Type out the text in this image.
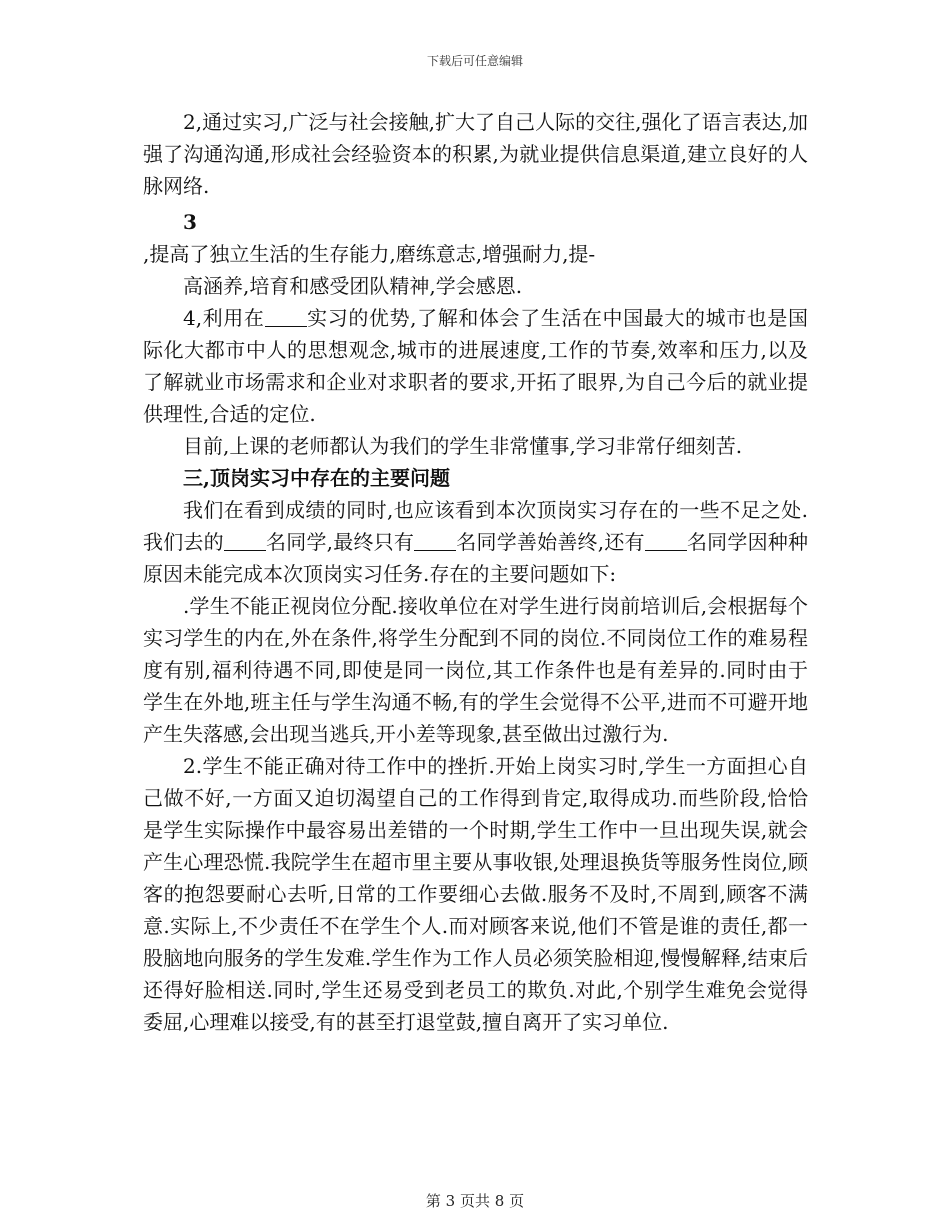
下载后可任意编辑

2,通过实习,广泛与社会接触,扩大了自己人际的交往,强化了语言表达,加强了沟通沟通,形成社会经验资本的积累,为就业提供信息渠道,建立良好的人脉网络.

3

,提高了独立生活的生存能力,磨练意志,增强耐力,提-

高涵养,培育和感受团队精神,学会感恩.

4,利用在 实习的优势,了解和体会了生活在中国最大的城市也是国际化大都市中人的思想观念,城市的进展速度,工作的节奏,效率和压力,以及了解就业市场需求和企业对求职者的要求,开拓了眼界,为自己今后的就业提供理性,合适的定位.

目前,上课的老师都认为我们的学生非常懂事,学习非常仔细刻苦.

三,顶岗实习中存在的主要问题

我们在看到成绩的同时,也应该看到本次顶岗实习存在的一些不足之处.我们去的 名同学,最终只有 名同学善始善终,还有 名同学因种种原因未能完成本次顶岗实习任务.存在的主要问题如下:

.学生不能正视岗位分配.接收单位在对学生进行岗前培训后,会根据每个实习学生的内在,外在条件,将学生分配到不同的岗位.不同岗位工作的难易程度有别,福利待遇不同,即使是同一岗位,其工作条件也是有差异的.同时由于学生在外地,班主任与学生沟通不畅,有的学生会觉得不公平,进而不可避开地产生失落感,会出现当逃兵,开小差等现象,甚至做出过激行为.

2.学生不能正确对待工作中的挫折.开始上岗实习时,学生一方面担心自己做不好,一方面又迫切渴望自己的工作得到肯定,取得成功.而些阶段,恰恰是学生实际操作中最容易出差错的一个时期,学生工作中一旦出现失误,就会产生心理恐慌.我院学生在超市里主要从事收银,处理退换货等服务性岗位,顾客的抱怨要耐心去听,日常的工作要细心去做.服务不及时,不周到,顾客不满意.实际上,不少责任不在学生个人.而对顾客来说,他们不管是谁的责任,都一股脑地向服务的学生发难.学生作为工作人员必须笑脸相迎,慢慢解释,结束后还得好脸相送.同时,学生还易受到老员工的欺负.对此,个别学生难免会觉得委屈,心理难以接受,有的甚至打退堂鼓,擅自离开了实习单位.

第 3 页共 8 页
